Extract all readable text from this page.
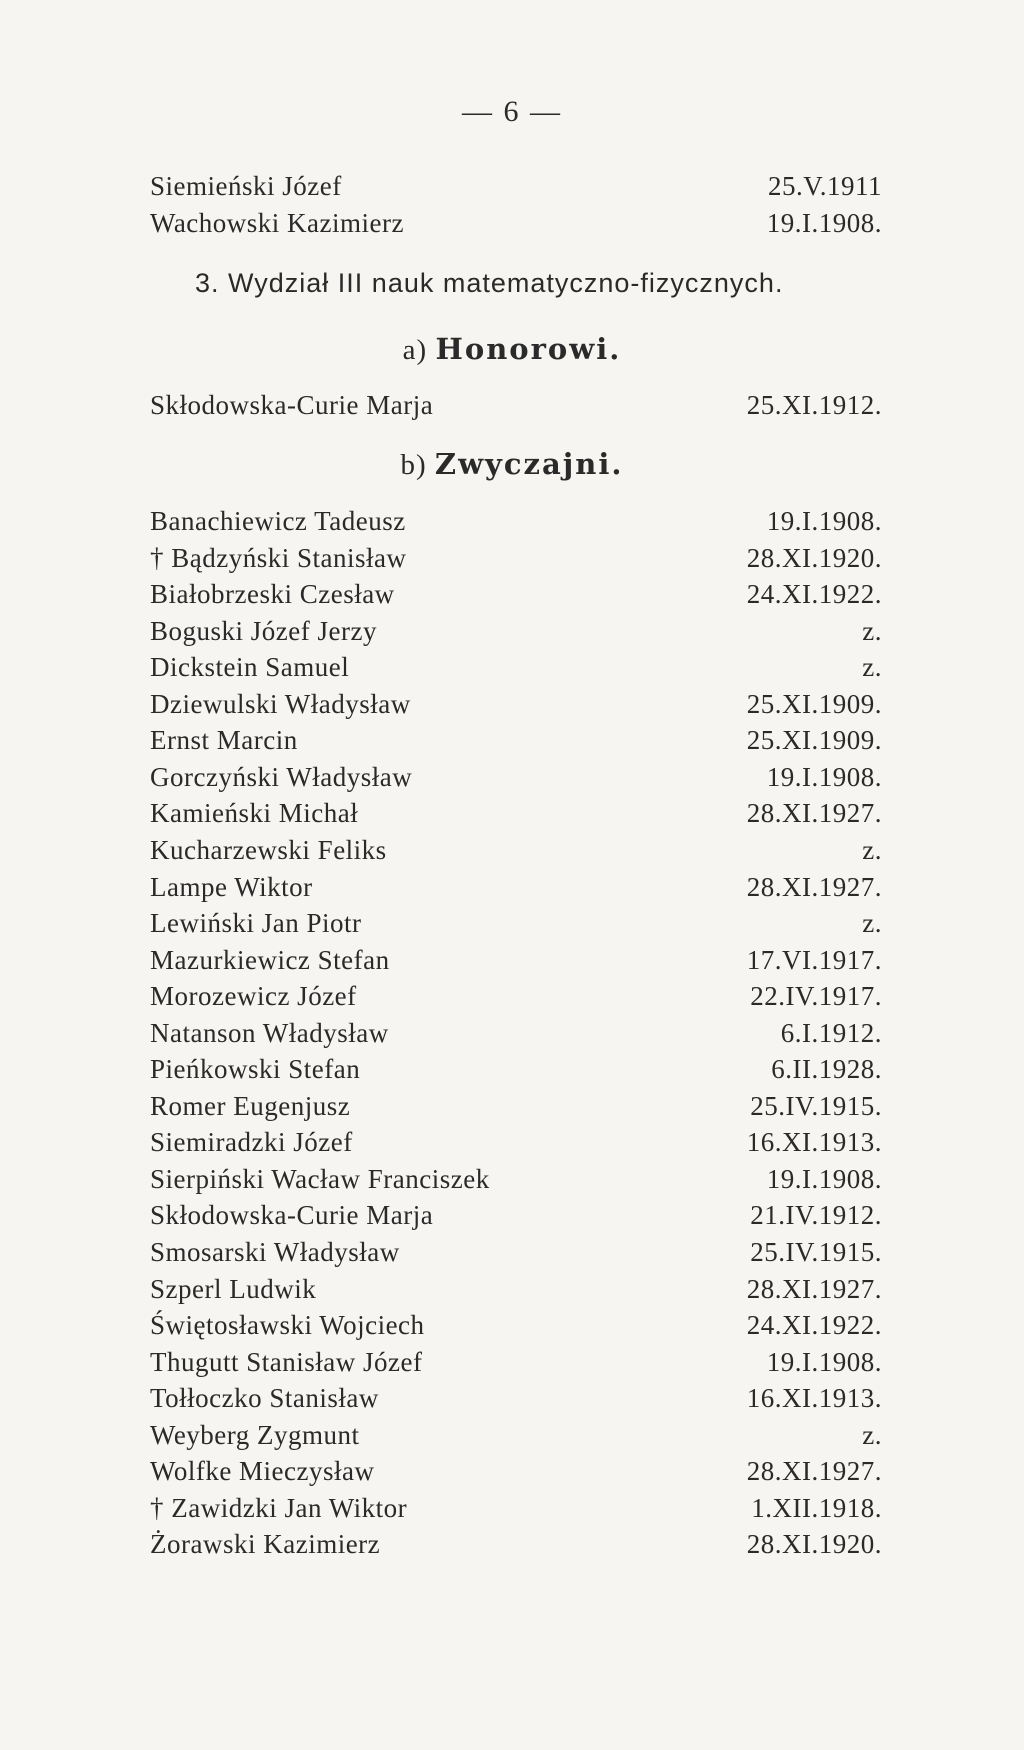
— 6 —
Siemieński Józef	25.V.1911
Wachowski Kazimierz	19.I.1908.
3. Wydział III nauk matematyczno-fizycznych.
a) Honorowi.
Skłodowska-Curie Marja	25.XI.1912.
b) Zwyczajni.
Banachiewicz Tadeusz	19.I.1908.
† Bądzyński Stanisław	28.XI.1920.
Białobrzeski Czesław	24.XI.1922.
Boguski Józef Jerzy	z.
Dickstein Samuel	z.
Dziewulski Władysław	25.XI.1909.
Ernst Marcin	25.XI.1909.
Gorczyński Władysław	19.I.1908.
Kamieński Michał	28.XI.1927.
Kucharzewski Feliks	z.
Lampe Wiktor	28.XI.1927.
Lewiński Jan Piotr	z.
Mazurkiewicz Stefan	17.VI.1917.
Morozewicz Józef	22.IV.1917.
Natanson Władysław	6.I.1912.
Pieńkowski Stefan	6.II.1928.
Romer Eugenjusz	25.IV.1915.
Siemiradzki Józef	16.XI.1913.
Sierpiński Wacław Franciszek	19.I.1908.
Skłodowska-Curie Marja	21.IV.1912.
Smosarski Władysław	25.IV.1915.
Szperl Ludwik	28.XI.1927.
Świętosławski Wojciech	24.XI.1922.
Thugutt Stanisław Józef	19.I.1908.
Tołłoczko Stanisław	16.XI.1913.
Weyberg Zygmunt	z.
Wolfke Mieczysław	28.XI.1927.
† Zawidzki Jan Wiktor	1.XII.1918.
Żorawski Kazimierz	28.XI.1920.
